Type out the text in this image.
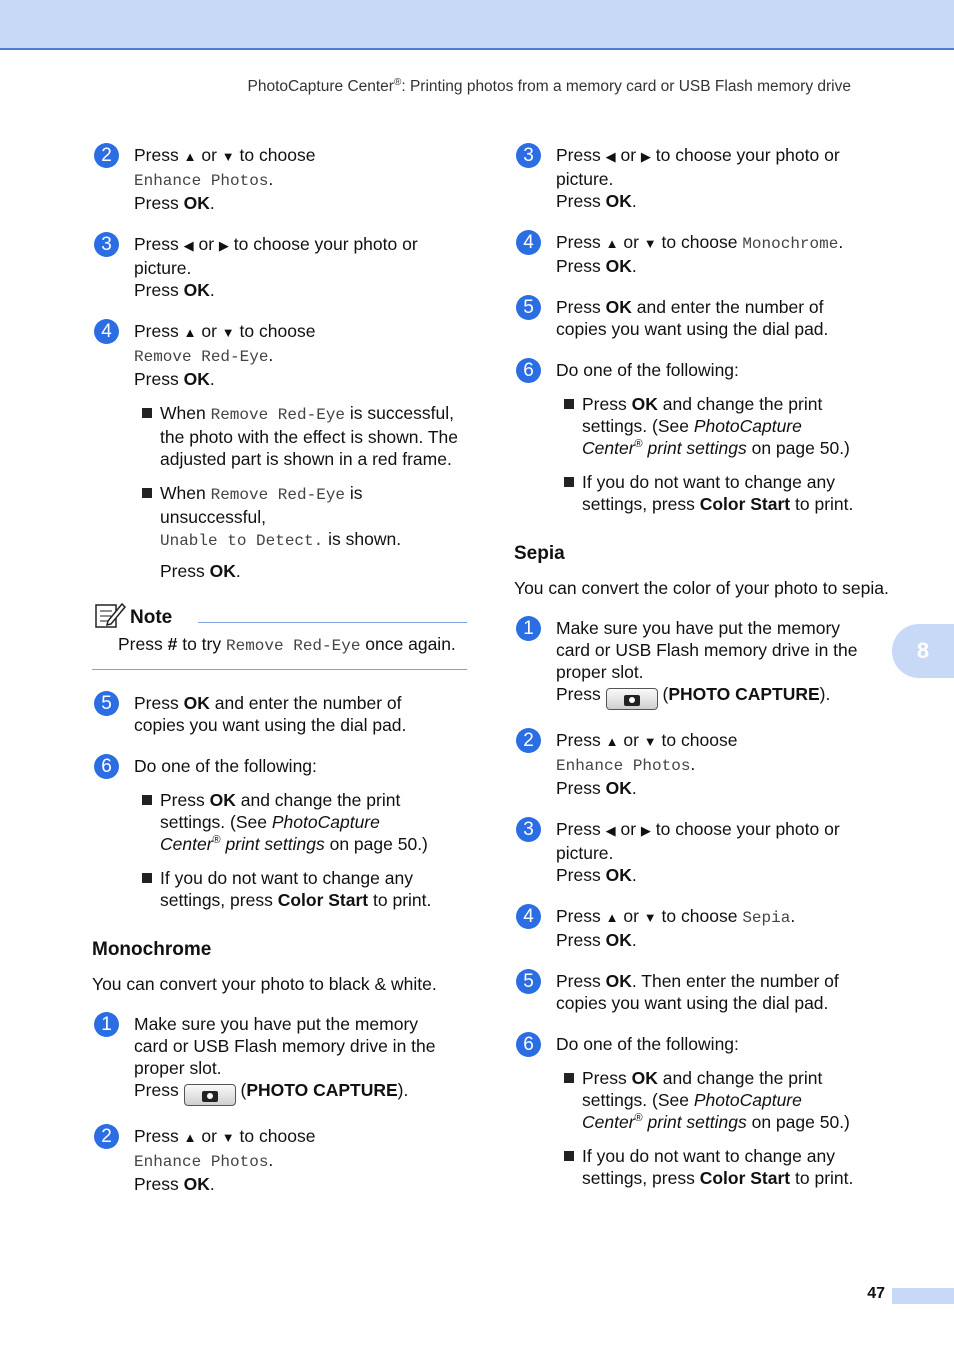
PhotoCapture Center®: Printing photos from a memory card or USB Flash memory drive
2	Press ▲ or ▼ to choose
Enhance Photos.
Press OK.
3	Press ◀ or ▶ to choose your photo or
picture.
Press OK.
4	Press ▲ or ▼ to choose
Remove Red-Eye.
Press OK.
When Remove Red-Eye is successful, the photo with the effect is shown. The adjusted part is shown in a red frame.
When Remove Red-Eye is
unsuccessful,
Unable to Detect. is shown.
Press OK.
Note
Press # to try Remove Red-Eye once again.
5	Press OK and enter the number of
copies you want using the dial pad.
6	Do one of the following:
Press OK and change the print
settings. (See PhotoCapture
Center® print settings on page 50.)
If you do not want to change any
settings, press Color Start to print.
Monochrome
You can convert your photo to black & white.
1	Make sure you have put the memory
card or USB Flash memory drive in the
proper slot.
Press	(PHOTO CAPTURE).
2	Press ▲ or ▼ to choose
Enhance Photos.
Press OK.
3	Press ◀ or ▶ to choose your photo or
picture.
Press OK.
4	Press ▲ or ▼ to choose Monochrome.
Press OK.
5	Press OK and enter the number of
copies you want using the dial pad.
6	Do one of the following:
Press OK and change the print
settings. (See PhotoCapture
Center® print settings on page 50.)
If you do not want to change any
settings, press Color Start to print.
Sepia
You can convert the color of your photo to sepia.
1	Make sure you have put the memory
card or USB Flash memory drive in the
proper slot.
Press	(PHOTO CAPTURE).
2	Press ▲ or ▼ to choose
Enhance Photos.
Press OK.
3	Press ◀ or ▶ to choose your photo or
picture.
Press OK.
4	Press ▲ or ▼ to choose Sepia.
Press OK.
5	Press OK. Then enter the number of
copies you want using the dial pad.
6	Do one of the following:
Press OK and change the print
settings. (See PhotoCapture
Center® print settings on page 50.)
If you do not want to change any
settings, press Color Start to print.
8
47
